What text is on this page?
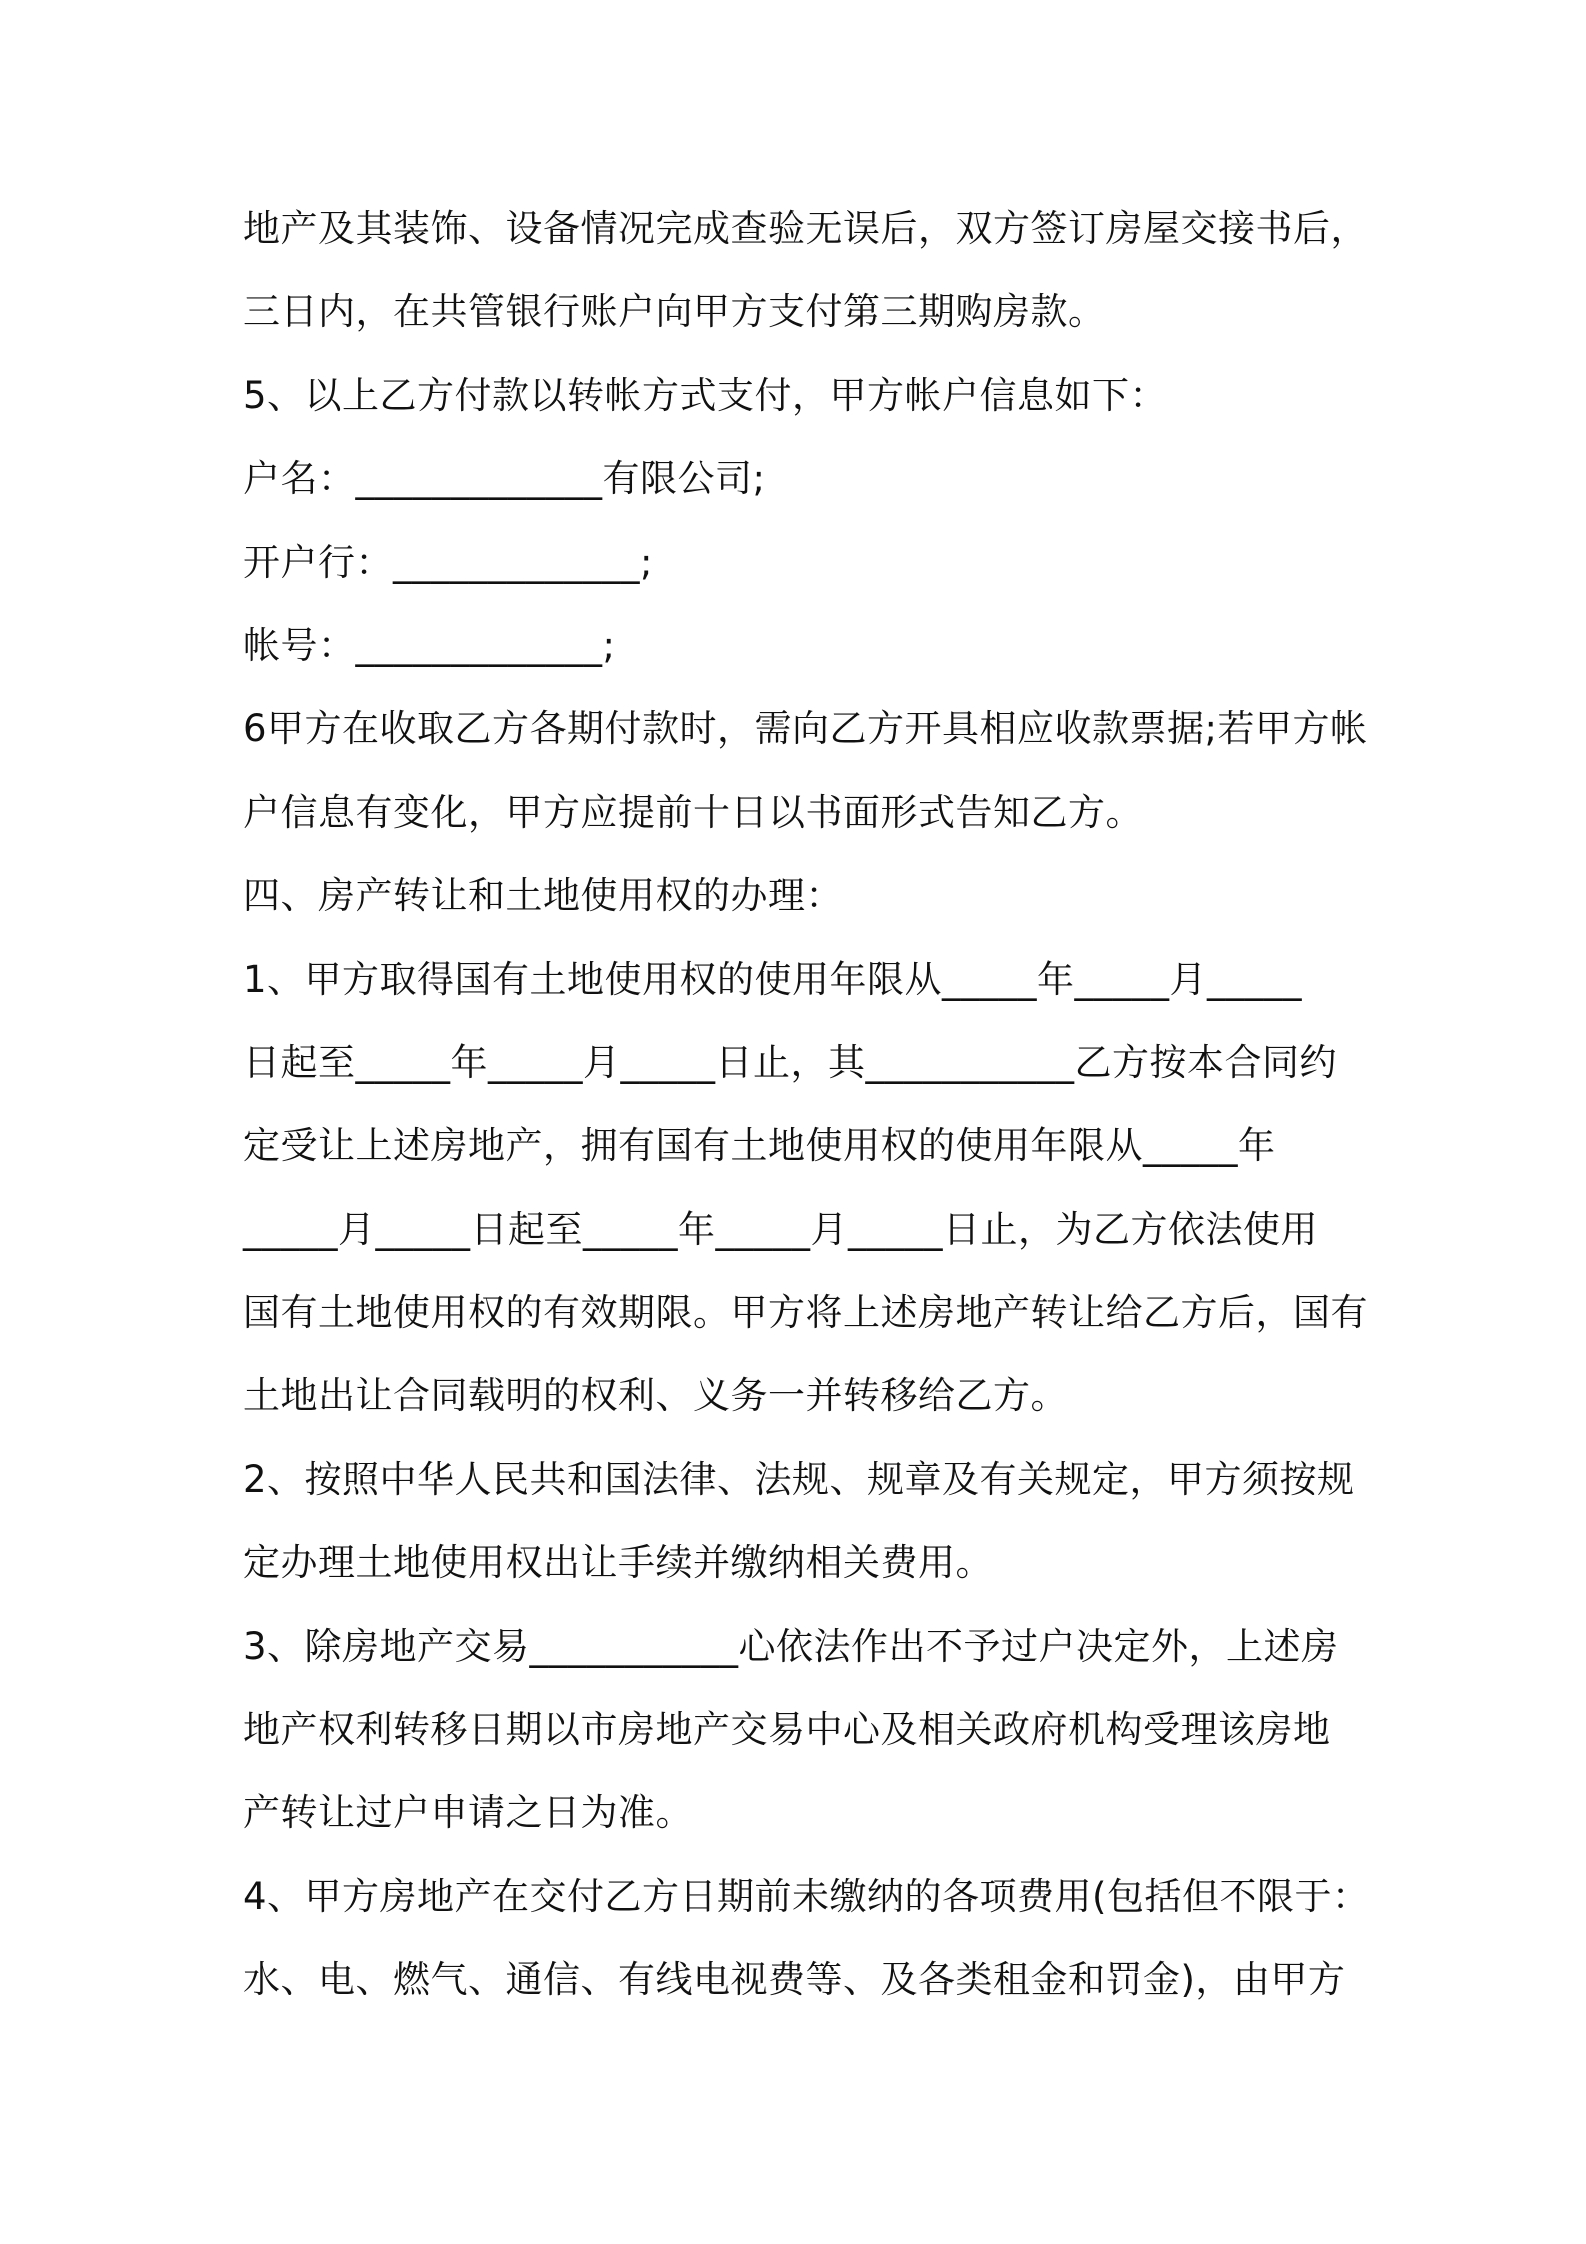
地产及其装饰、设备情况完成查验无误后，双方签订房屋交接书后，

三日内，在共管银行账户向甲方支付第三期购房款。

5、以上乙方付款以转帐方式支付，甲方帐户信息如下：

户名：_____________有限公司;

开户行：_____________;

帐号：_____________;

6甲方在收取乙方各期付款时，需向乙方开具相应收款票据;若甲方帐

户信息有变化，甲方应提前十日以书面形式告知乙方。

四、房产转让和土地使用权的办理：

1、甲方取得国有土地使用权的使用年限从_____年_____月_____

日起至_____年_____月_____日止，其___________乙方按本合同约

定受让上述房地产，拥有国有土地使用权的使用年限从_____年

_____月_____日起至_____年_____月_____日止，为乙方依法使用

国有土地使用权的有效期限。甲方将上述房地产转让给乙方后，国有

土地出让合同载明的权利、义务一并转移给乙方。

2、按照中华人民共和国法律、法规、规章及有关规定，甲方须按规

定办理土地使用权出让手续并缴纳相关费用。

3、除房地产交易___________心依法作出不予过户决定外，上述房

地产权利转移日期以市房地产交易中心及相关政府机构受理该房地

产转让过户申请之日为准。

4、甲方房地产在交付乙方日期前未缴纳的各项费用(包括但不限于：

水、电、燃气、通信、有线电视费等、及各类租金和罚金)，由甲方
